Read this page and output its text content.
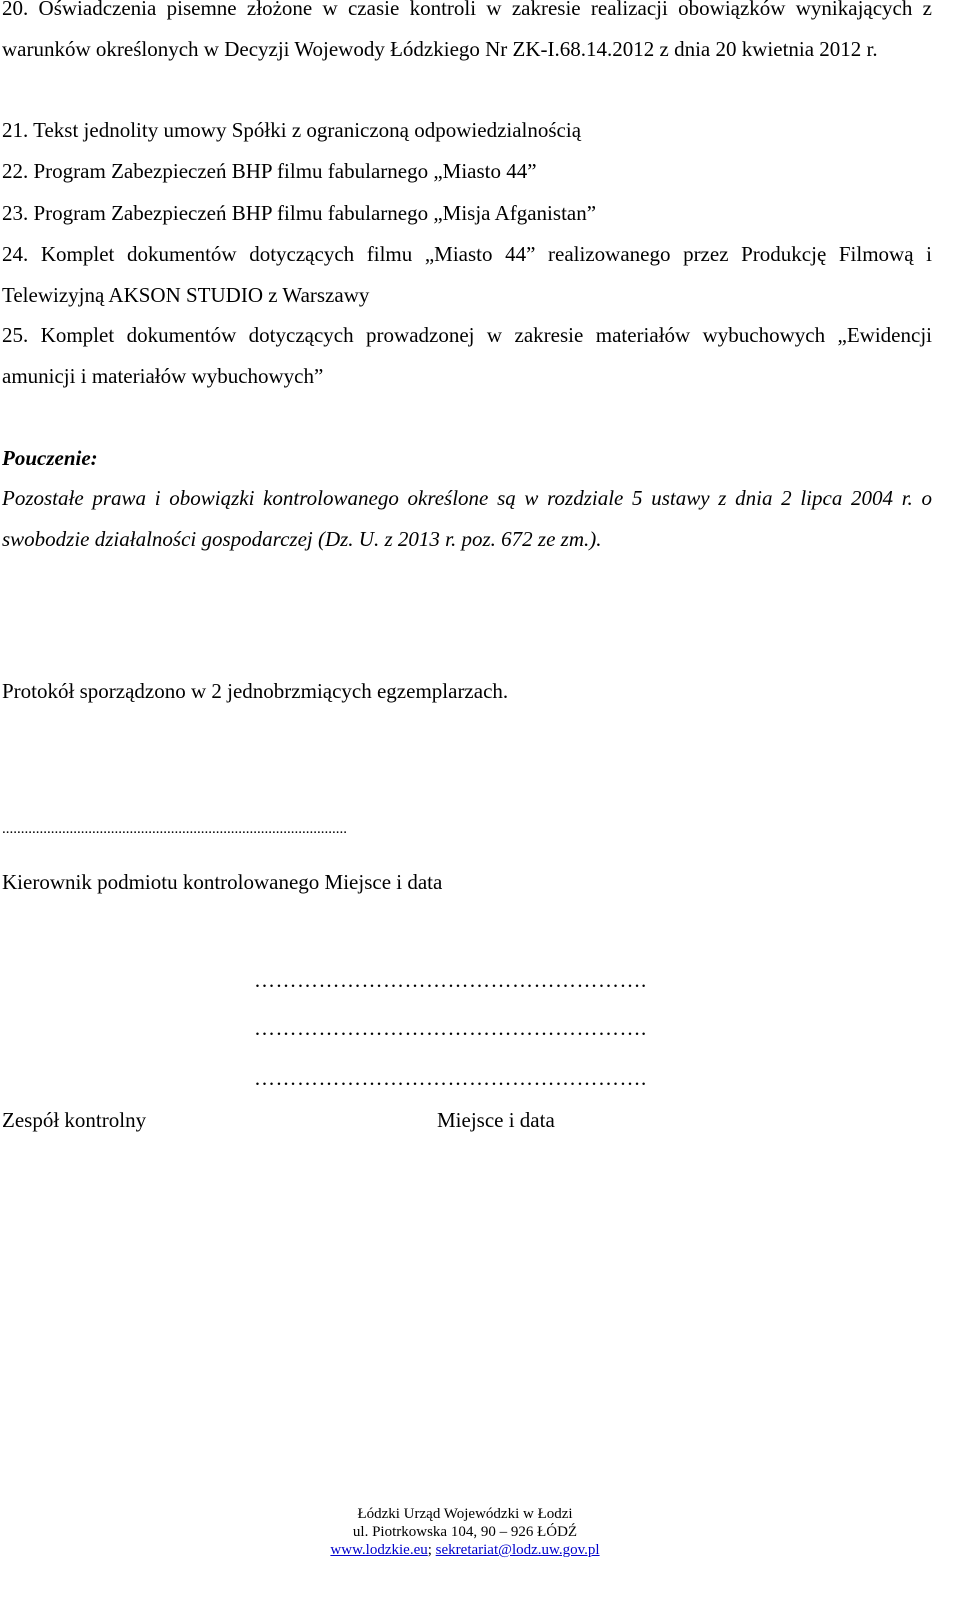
20. Oświadczenia pisemne złożone w czasie kontroli w zakresie realizacji obowiązków wynikających z warunków określonych w Decyzji Wojewody Łódzkiego Nr ZK-I.68.14.2012 z dnia 20 kwietnia 2012 r.

21. Tekst jednolity umowy Spółki z ograniczoną odpowiedzialnością

22. Program Zabezpieczeń BHP filmu fabularnego „Miasto 44”

23. Program Zabezpieczeń BHP filmu fabularnego „Misja Afganistan”

24. Komplet dokumentów dotyczących filmu „Miasto 44” realizowanego przez Produkcję Filmową i Telewizyjną AKSON STUDIO z Warszawy

25. Komplet dokumentów dotyczących prowadzonej w zakresie materiałów wybuchowych „Ewidencji amunicji i materiałów wybuchowych”

Pouczenie:

Pozostałe prawa i obowiązki kontrolowanego określone są w rozdziale 5 ustawy z dnia 2 lipca 2004 r. o swobodzie działalności gospodarczej (Dz. U. z 2013 r. poz. 672 ze zm.).

Protokół sporządzono w 2 jednobrzmiących egzemplarzach.

............................................................................................

Kierownik podmiotu kontrolowanego Miejsce i data

……………………………………………….
……………………………………………….
……………………………………………….

Zespół kontrolny	Miejsce i data

Łódzki Urząd Wojewódzki w Łodzi
ul. Piotrkowska 104, 90 – 926 ŁÓDŹ
www.lodzkie.eu; sekretariat@lodz.uw.gov.pl
